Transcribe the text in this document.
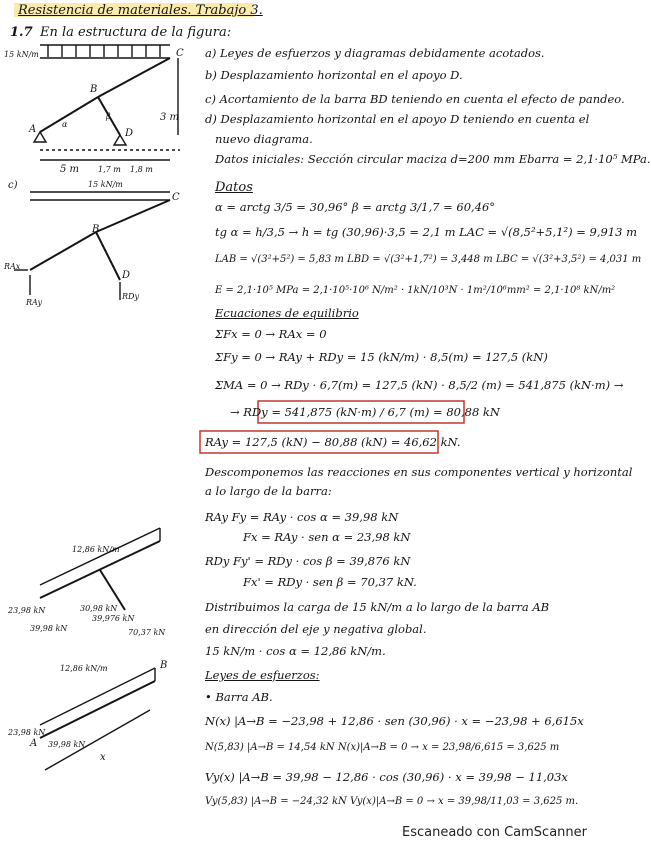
Resistencia de materiales. Trabajo 3.
1.7 En la estructura de la figura:
a) Leyes de esfuerzos y diagramas debidamente acotados.
b) Desplazamiento horizontal en el apoyo D.
c) Acortamiento de la barra BD teniendo en cuenta el efecto de pandeo.
d) Desplazamiento horizontal en el apoyo D teniendo en cuenta el
nuevo diagrama.
Datos iniciales: Sección circular maciza d=200 mm Ebarra = 2,1·10⁵ MPa.
15 kN/m
A
B
C
D
α
β	3 m
5 m 1,7 m 1,8 m
c)	15 kN/m
B
C
D
RAx
RAy
RDy
12,86 kN/m
23,98 kN
39,98 kN
30,98 kN
39,976 kN
70,37 kN
12,86 kN/m
23,98 kN
39,98 kN
x
B
A
Datos
α = arctg 3/5 = 30,96° β = arctg 3/1,7 = 60,46°
tg α = h/3,5 → h = tg (30,96)·3,5 = 2,1 m LAC = √(8,5²+5,1²) = 9,913 m
LAB = √(3²+5²) = 5,83 m LBD = √(3²+1,7²) = 3,448 m LBC = √(3²+3,5²) = 4,031 m
E = 2,1·10⁵ MPa = 2,1·10⁵·10⁶ N/m² · 1kN/10³N · 1m²/10⁶mm² = 2,1·10⁸ kN/m²
Ecuaciones de equilibrio
ΣFx = 0 → RAx = 0
ΣFy = 0 → RAy + RDy = 15 (kN/m) · 8,5(m) = 127,5 (kN)
ΣMA = 0 → RDy · 6,7(m) = 127,5 (kN) · 8,5/2 (m) = 541,875 (kN·m) →
→ RDy = 541,875 (kN·m) / 6,7 (m) = 80,88 kN
RAy = 127,5 (kN) − 80,88 (kN) = 46,62 kN.
Descomponemos las reacciones en sus componentes vertical y horizontal
a lo largo de la barra:
RAy Fy = RAy · cos α = 39,98 kN
Fx = RAy · sen α = 23,98 kN
RDy Fy' = RDy · cos β = 39,876 kN
Fx' = RDy · sen β = 70,37 kN.
Distribuimos la carga de 15 kN/m a lo largo de la barra AB
en dirección del eje y negativa global.
15 kN/m · cos α = 12,86 kN/m.
Leyes de esfuerzos:
• Barra AB.
N(x) |A→B = −23,98 + 12,86 · sen (30,96) · x = −23,98 + 6,615x
N(5,83) |A→B = 14,54 kN N(x)|A→B = 0 → x = 23,98/6,615 = 3,625 m
Vy(x) |A→B = 39,98 − 12,86 · cos (30,96) · x = 39,98 − 11,03x
Vy(5,83) |A→B = −24,32 kN Vy(x)|A→B = 0 → x = 39,98/11,03 = 3,625 m.
Escaneado con CamScanner
